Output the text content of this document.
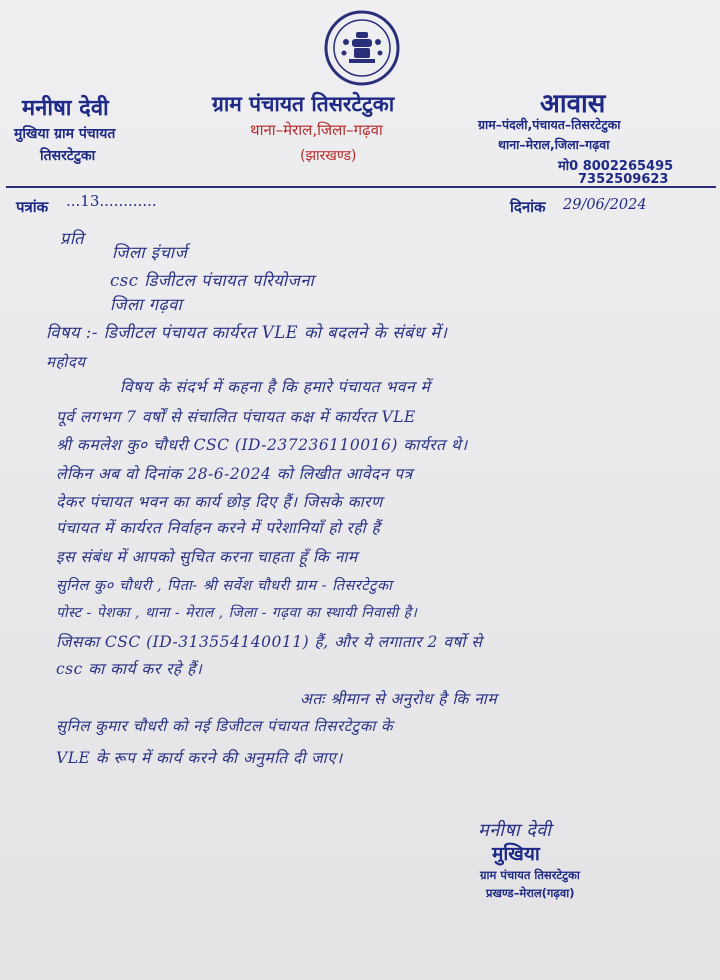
मनीषा देवी
मुखिया ग्राम पंचायत
तिसरटेटुका
ग्राम पंचायत तिसरटेटुका
थाना–मेराल,जिला–गढ़वा
(झारखण्ड)
आवास
ग्राम–पंदली,पंचायत–तिसरटेटुका
थाना–मेराल,जिला–गढ़वा
मो0 8002265495
7352509623
पत्रांक ...13............	दिनांक 29/06/2024
प्रति
जिला इंचार्ज
csc डिजीटल पंचायत परियोजना
जिला गढ़वा
विषय :- डिजीटल पंचायत कार्यरत VLE को बदलने के संबंध में।
महोदय
विषय के संदर्भ में कहना है कि हमारे पंचायत भवन में
पूर्व लगभग 7 वर्षों से संचालित पंचायत कक्ष में कार्यरत VLE
श्री कमलेश कु० चौधरी CSC (ID-237236110016) कार्यरत थे।
लेकिन अब वो दिनांक 28-6-2024 को लिखीत आवेदन पत्र
देकर पंचायत भवन का कार्य छोड़ दिए हैं। जिसके कारण
पंचायत में कार्यरत निर्वाहन करने में परेशानियाँ हो रही हैं
इस संबंध में आपको सुचित करना चाहता हूँ कि नाम
सुनिल कु० चौधरी , पिता- श्री सर्वेश चौधरी ग्राम - तिसरटेटुका
पोस्ट - पेशका , थाना - मेराल , जिला - गढ़वा का स्थायी निवासी है।
जिसका CSC (ID-313554140011) हैं, और ये लगातार 2 वर्षो से
csc का कार्य कर रहे हैं।
अतः श्रीमान से अनुरोध है कि नाम
सुनिल कुमार चौधरी को नई डिजीटल पंचायत तिसरटेटुका के
VLE के रूप में कार्य करने की अनुमति दी जाए।
मनीषा देवी
मुखिया
ग्राम पंचायत तिसरटेटुका
प्रखण्ड–मेराल(गढ़वा)
